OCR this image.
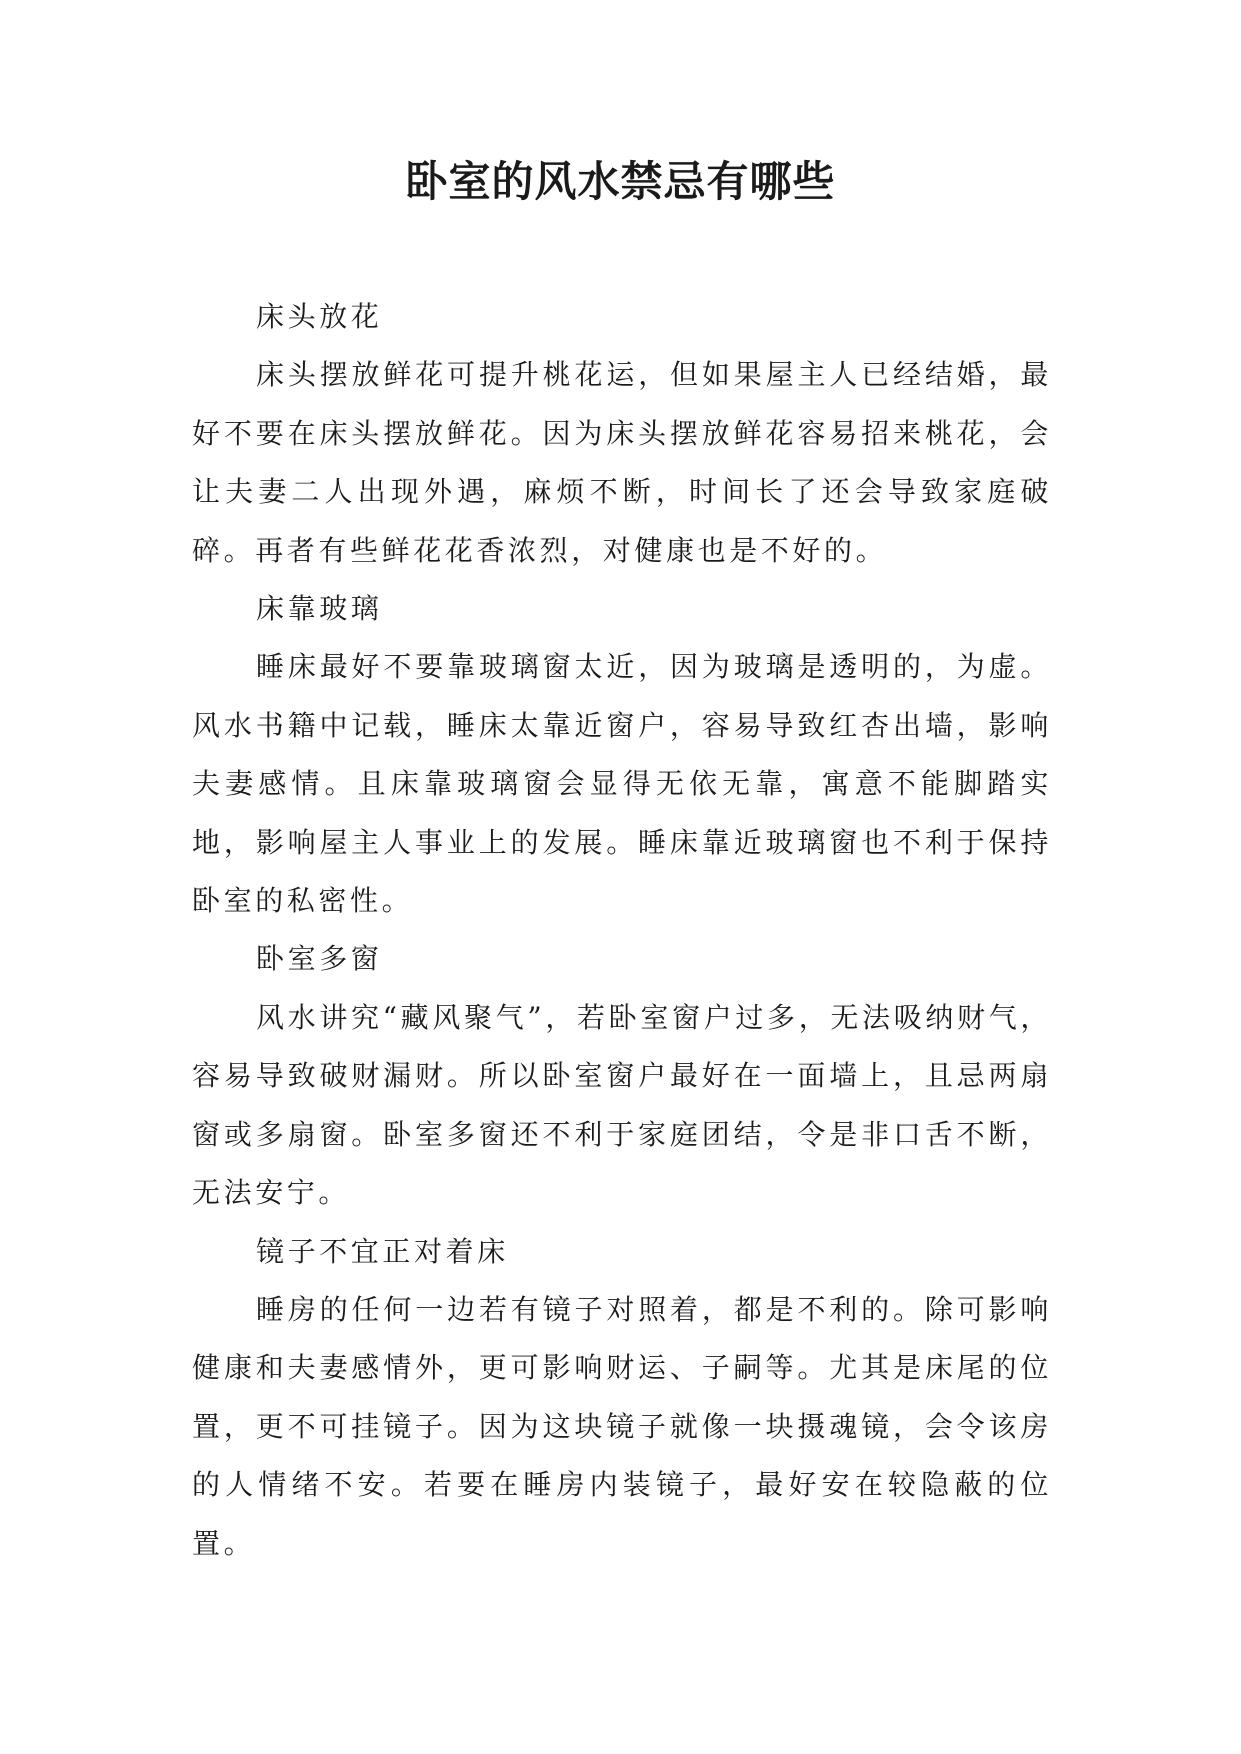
卧室的风水禁忌有哪些

床头放花

床头摆放鲜花可提升桃花运，但如果屋主人已经结婚，最好不要在床头摆放鲜花。因为床头摆放鲜花容易招来桃花，会让夫妻二人出现外遇，麻烦不断，时间长了还会导致家庭破碎。再者有些鲜花花香浓烈，对健康也是不好的。

床靠玻璃

睡床最好不要靠玻璃窗太近，因为玻璃是透明的，为虚。风水书籍中记载，睡床太靠近窗户，容易导致红杏出墙，影响夫妻感情。且床靠玻璃窗会显得无依无靠，寓意不能脚踏实地，影响屋主人事业上的发展。睡床靠近玻璃窗也不利于保持卧室的私密性。

卧室多窗

风水讲究“藏风聚气”，若卧室窗户过多，无法吸纳财气，容易导致破财漏财。所以卧室窗户最好在一面墙上，且忌两扇窗或多扇窗。卧室多窗还不利于家庭团结，令是非口舌不断，无法安宁。

镜子不宜正对着床

睡房的任何一边若有镜子对照着，都是不利的。除可影响健康和夫妻感情外，更可影响财运、子嗣等。尤其是床尾的位置，更不可挂镜子。因为这块镜子就像一块摄魂镜，会令该房的人情绪不安。若要在睡房内装镜子，最好安在较隐蔽的位置。
